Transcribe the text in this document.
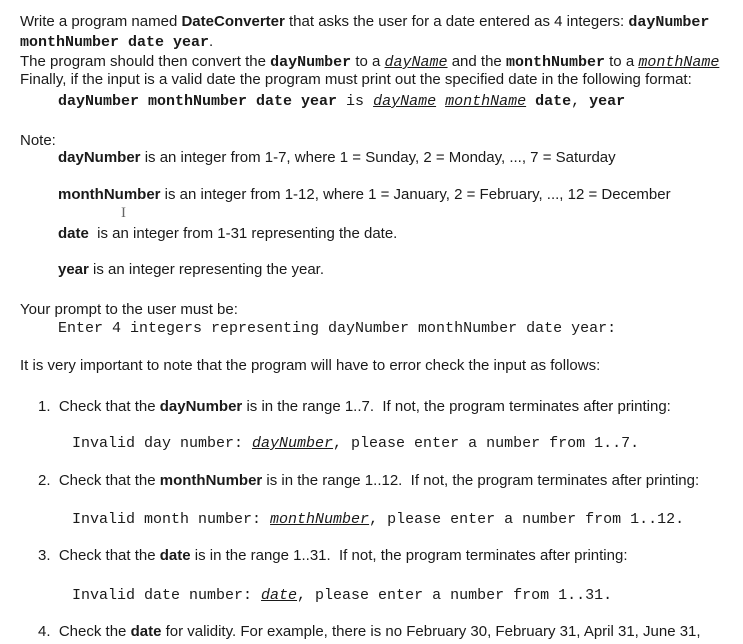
Write a program named DateConverter that asks the user for a date entered as 4 integers: dayNumber
monthNumber date year.
The program should then convert the dayNumber to a dayName and the monthNumber to a monthName
Finally, if the input is a valid date the program must print out the specified date in the following format:
dayNumber monthNumber date year is dayName monthName date, year
Note:
dayNumber is an integer from 1-7, where 1 = Sunday, 2 = Monday, ..., 7 = Saturday
monthNumber is an integer from 1-12, where 1 = January, 2 = February, ..., 12 = December
date  is an integer from 1-31 representing the date.
year is an integer representing the year.
Your prompt to the user must be:
Enter 4 integers representing dayNumber monthNumber date year:
It is very important to note that the program will have to error check the input as follows:
1.  Check that the dayNumber is in the range 1..7.  If not, the program terminates after printing:
Invalid day number: dayNumber, please enter a number from 1..7.
2.  Check that the monthNumber is in the range 1..12.  If not, the program terminates after printing:
Invalid month number: monthNumber, please enter a number from 1..12.
3.  Check that the date is in the range 1..31.  If not, the program terminates after printing:
Invalid date number: date, please enter a number from 1..31.
4.  Check the date for validity. For example, there is no February 30, February 31, April 31, June 31,
I
